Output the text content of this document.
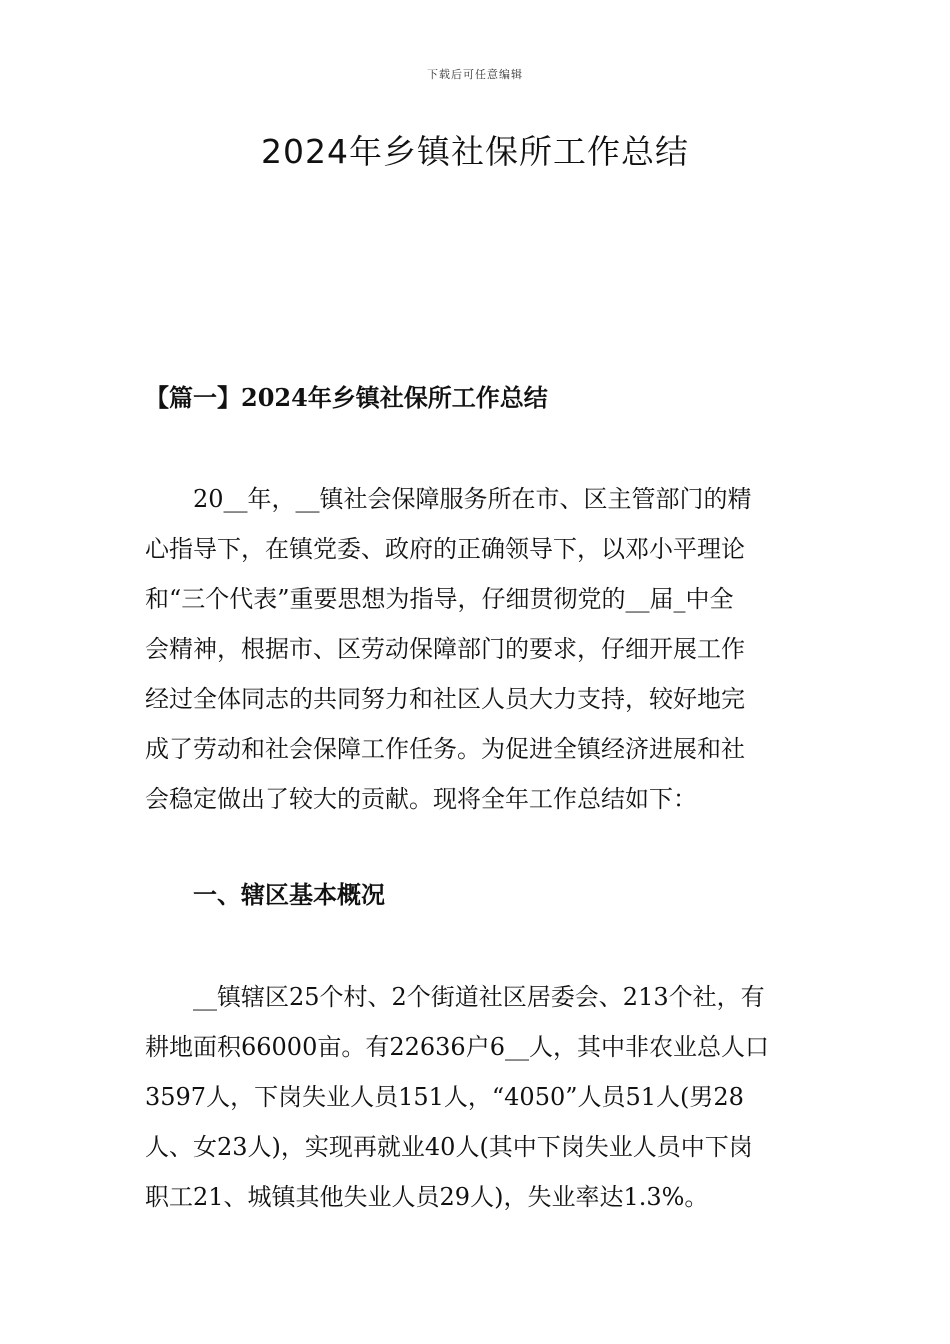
下载后可任意编辑
2024年乡镇社保所工作总结
【篇一】2024年乡镇社保所工作总结

　　20__年，__镇社会保障服务所在市、区主管部门的精
心指导下，在镇党委、政府的正确领导下，以邓小平理论
和“三个代表”重要思想为指导，仔细贯彻党的__届_中全
会精神，根据市、区劳动保障部门的要求，仔细开展工作
经过全体同志的共同努力和社区人员大力支持，较好地完
成了劳动和社会保障工作任务。为促进全镇经济进展和社
会稳定做出了较大的贡献。现将全年工作总结如下：

一、辖区基本概况

　　__镇辖区25个村、2个街道社区居委会、213个社，有
耕地面积66000亩。有22636户6__人，其中非农业总人口
3597人，下岗失业人员151人，“4050”人员51人(男28
人、女23人)，实现再就业40人(其中下岗失业人员中下岗
职工21、城镇其他失业人员29人)，失业率达1.3%。
